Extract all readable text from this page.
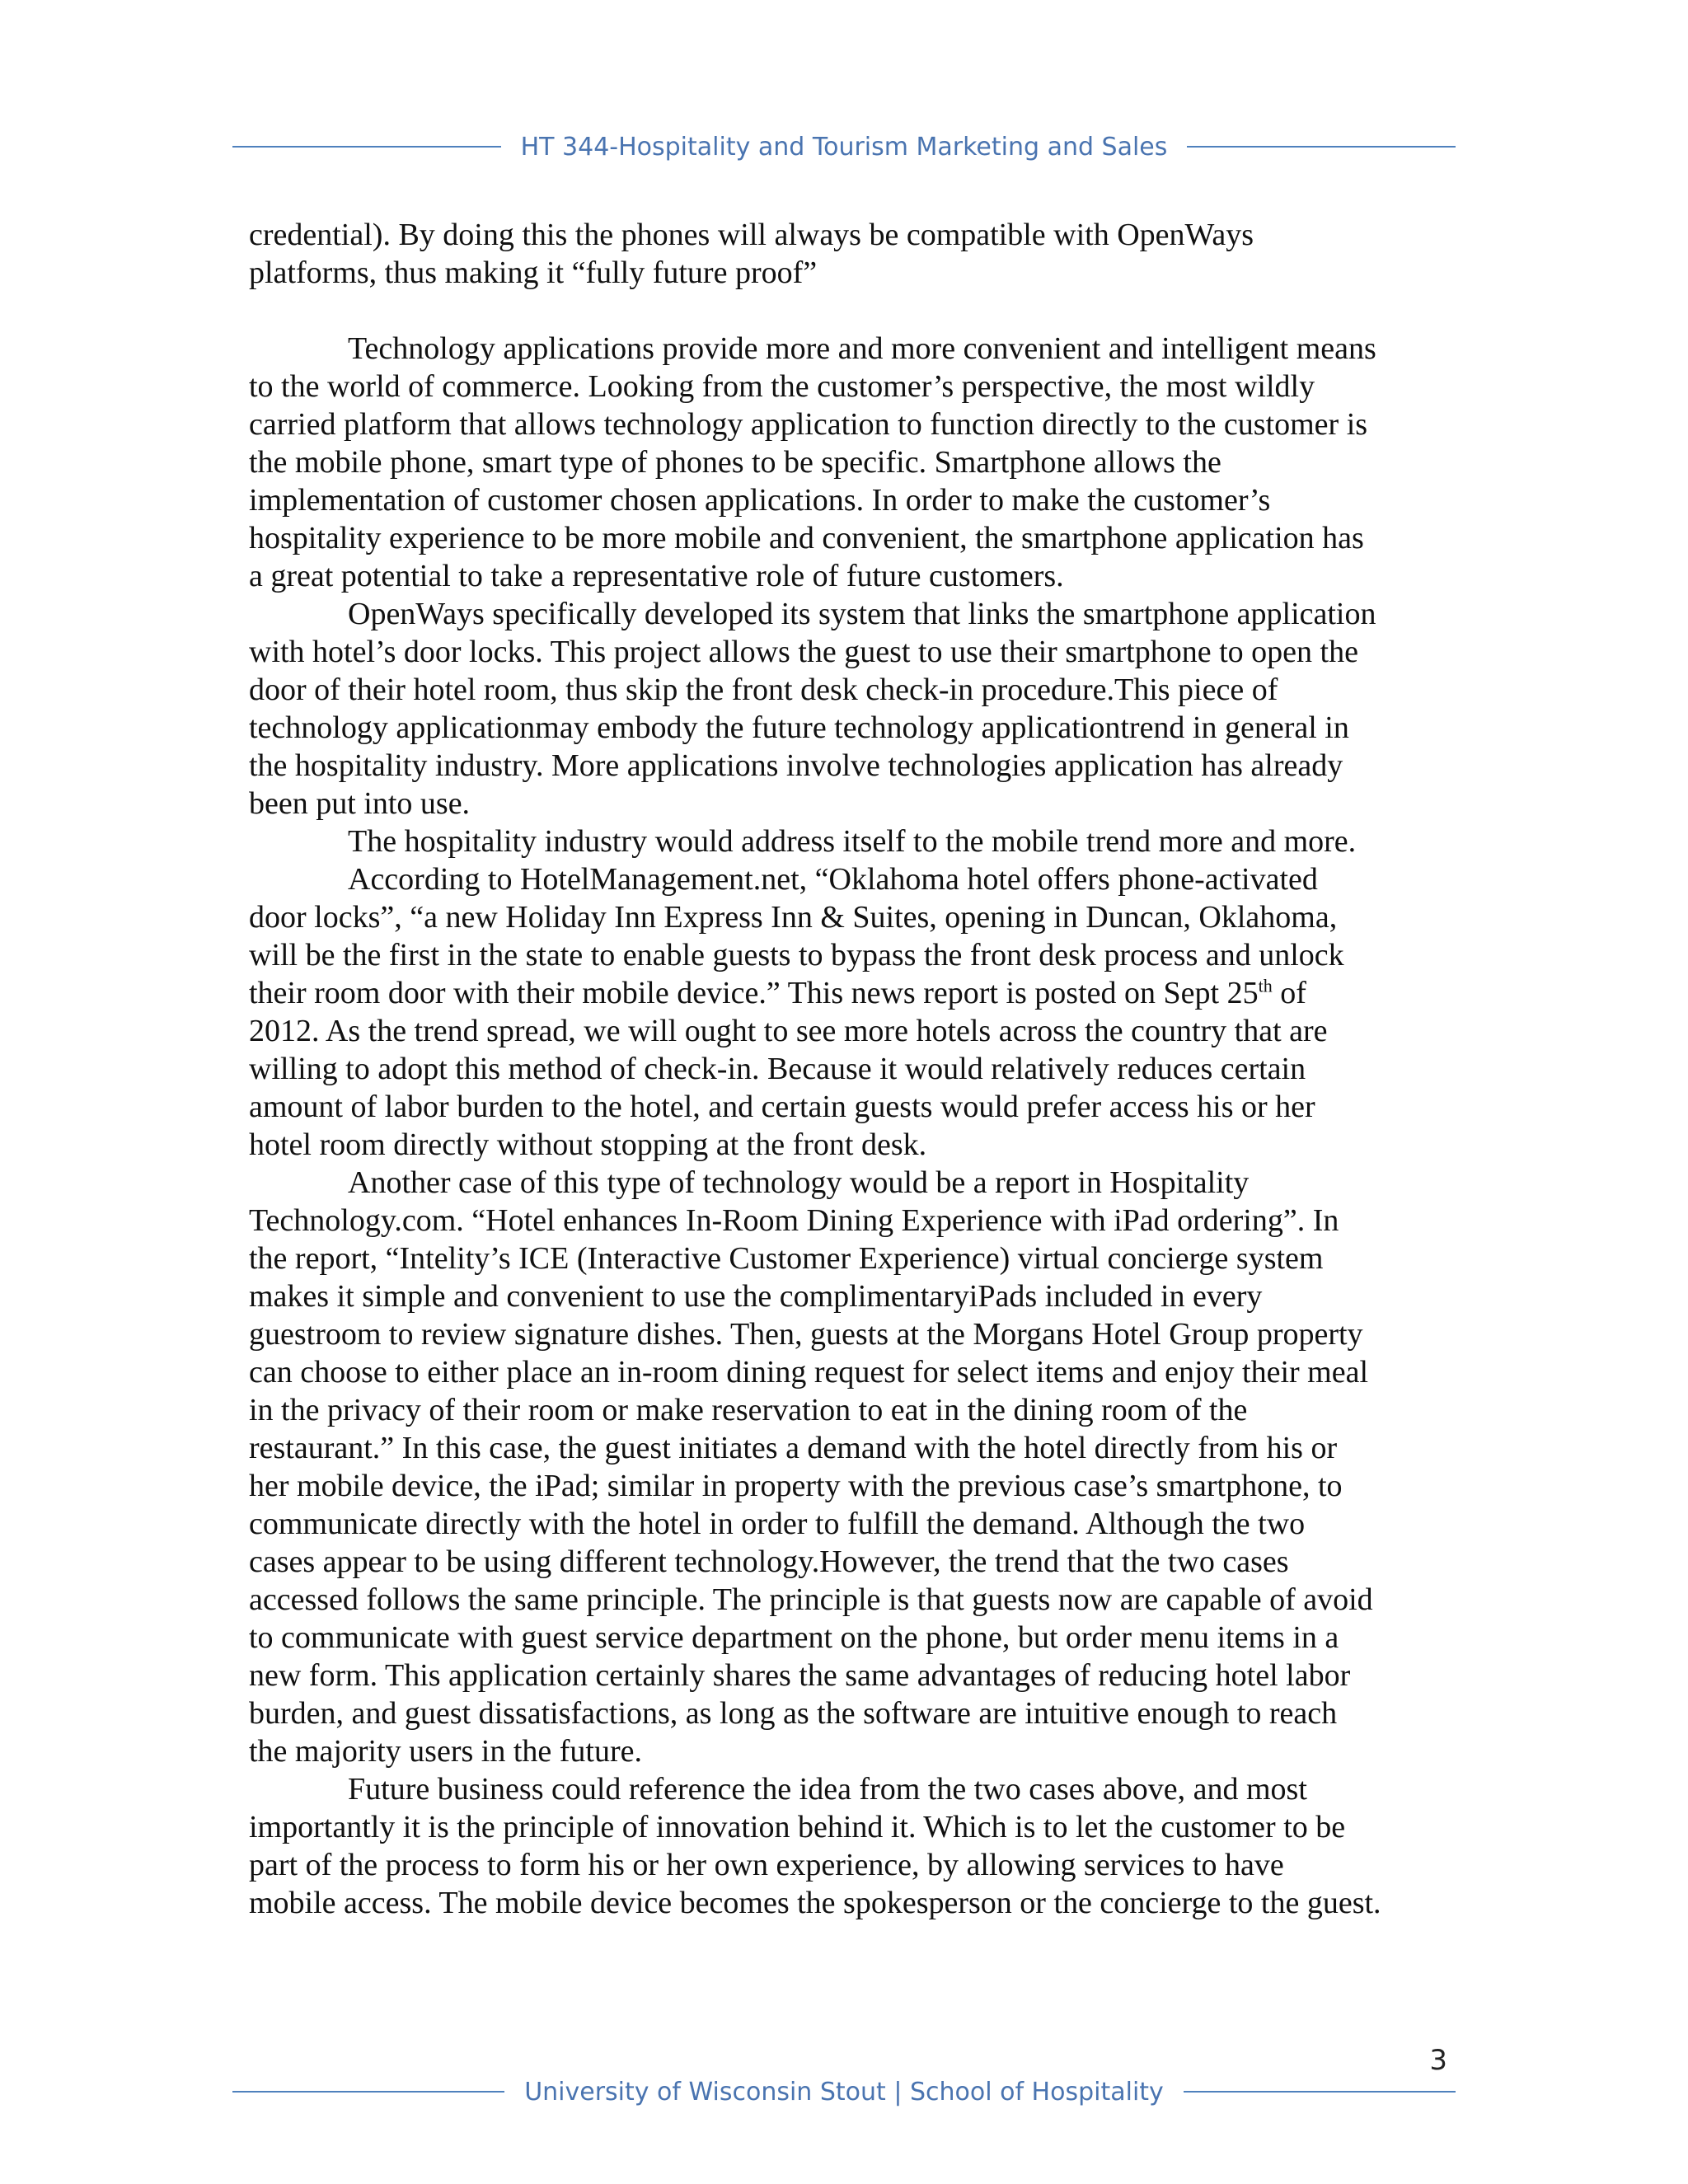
HT 344-Hospitality and Tourism Marketing and Sales

credential). By doing this the phones will always be compatible with OpenWays

platforms, thus making it “fully future proof”

Technology applications provide more and more convenient and intelligent means

to the world of commerce. Looking from the customer’s perspective, the most wildly

carried platform that allows technology application to function directly to the customer is

the mobile phone, smart type of phones to be specific. Smartphone allows the

implementation of customer chosen applications. In order to make the customer’s

hospitality experience to be more mobile and convenient, the smartphone application has

a great potential to take a representative role of future customers.

OpenWays specifically developed its system that links the smartphone application

with hotel’s door locks. This project allows the guest to use their smartphone to open the

door of their hotel room, thus skip the front desk check-in procedure.This piece of

technology applicationmay embody the future technology applicationtrend in general in

the hospitality industry. More applications involve technologies application has already

been put into use.

The hospitality industry would address itself to the mobile trend more and more.

According to HotelManagement.net, “Oklahoma hotel offers phone-activated

door locks”, “a new Holiday Inn Express Inn & Suites, opening in Duncan, Oklahoma,

will be the first in the state to enable guests to bypass the front desk process and unlock

their room door with their mobile device.” This news report is posted on Sept 25th of

2012. As the trend spread, we will ought to see more hotels across the country that are

willing to adopt this method of check-in. Because it would relatively reduces certain

amount of labor burden to the hotel, and certain guests would prefer access his or her

hotel room directly without stopping at the front desk.

Another case of this type of technology would be a report in Hospitality

Technology.com. “Hotel enhances In-Room Dining Experience with iPad ordering”. In

the report, “Intelity’s ICE (Interactive Customer Experience) virtual concierge system

makes it simple and convenient to use the complimentaryiPads included in every

guestroom to review signature dishes. Then, guests at the Morgans Hotel Group property

can choose to either place an in-room dining request for select items and enjoy their meal

in the privacy of their room or make reservation to eat in the dining room of the

restaurant.” In this case, the guest initiates a demand with the hotel directly from his or

her mobile device, the iPad; similar in property with the previous case’s smartphone, to

communicate directly with the hotel in order to fulfill the demand. Although the two

cases appear to be using different technology.However, the trend that the two cases

accessed follows the same principle. The principle is that guests now are capable of avoid

to communicate with guest service department on the phone, but order menu items in a

new form. This application certainly shares the same advantages of reducing hotel labor

burden, and guest dissatisfactions, as long as the software are intuitive enough to reach

the majority users in the future.

Future business could reference the idea from the two cases above, and most

importantly it is the principle of innovation behind it. Which is to let the customer to be

part of the process to form his or her own experience, by allowing services to have

mobile access. The mobile device becomes the spokesperson or the concierge to the guest.

3
University of Wisconsin Stout | School of Hospitality
